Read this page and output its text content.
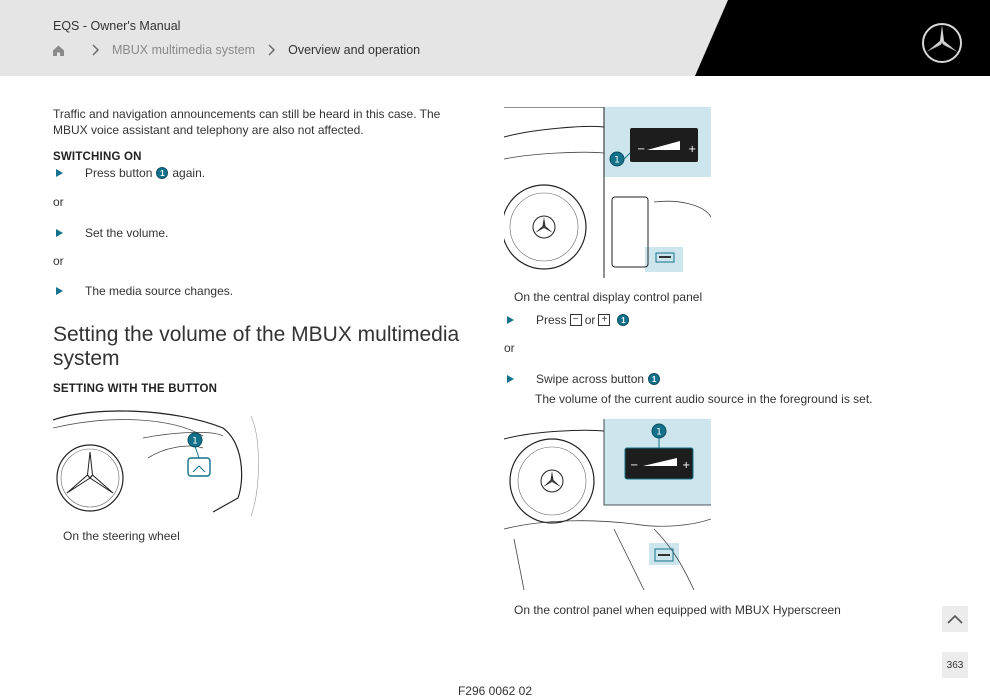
EQS - Owner's Manual
MBUX multimedia system	Overview and operation
Traffic and navigation announcements can still be heard in this case. The
MBUX voice assistant and telephony are also not affected.
SWITCHING ON
Press button 1 again.
or
Set the volume.
or
The media source changes.
Setting the volume of the MBUX multimedia system
SETTING WITH THE BUTTON
1
On the steering wheel
−	+
1
On the central display control panel
Press − or +	1
or
Swipe across button 1
The volume of the current audio source in the foreground is set.
−	+
1
On the control panel when equipped with MBUX Hyperscreen
363
F296 0062 02
